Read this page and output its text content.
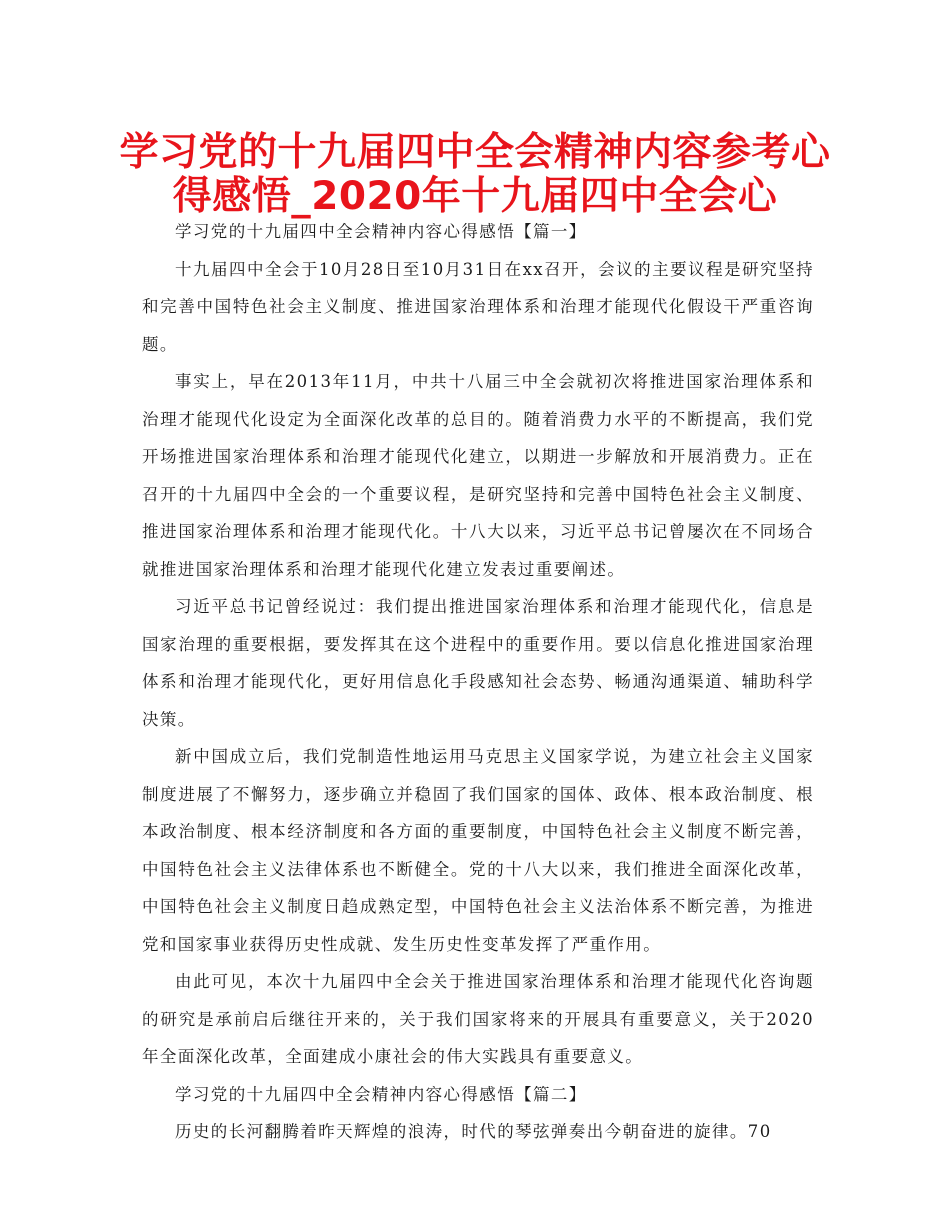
学习党的十九届四中全会精神内容参考心
得感悟_2020年十九届四中全会心

学习党的十九届四中全会精神内容心得感悟【篇一】

十九届四中全会于10月28日至10月31日在xx召开，会议的主要议程是研究坚持和完善中国特色社会主义制度、推进国家治理体系和治理才能现代化假设干严重咨询题。

事实上，早在2013年11月，中共十八届三中全会就初次将推进国家治理体系和治理才能现代化设定为全面深化改革的总目的。随着消费力水平的不断提高，我们党开场推进国家治理体系和治理才能现代化建立，以期进一步解放和开展消费力。正在召开的十九届四中全会的一个重要议程，是研究坚持和完善中国特色社会主义制度、推进国家治理体系和治理才能现代化。十八大以来，习近平总书记曾屡次在不同场合就推进国家治理体系和治理才能现代化建立发表过重要阐述。

习近平总书记曾经说过：我们提出推进国家治理体系和治理才能现代化，信息是国家治理的重要根据，要发挥其在这个进程中的重要作用。要以信息化推进国家治理体系和治理才能现代化，更好用信息化手段感知社会态势、畅通沟通渠道、辅助科学决策。

新中国成立后，我们党制造性地运用马克思主义国家学说，为建立社会主义国家制度进展了不懈努力，逐步确立并稳固了我们国家的国体、政体、根本政治制度、根本政治制度、根本经济制度和各方面的重要制度，中国特色社会主义制度不断完善，中国特色社会主义法律体系也不断健全。党的十八大以来，我们推进全面深化改革，中国特色社会主义制度日趋成熟定型，中国特色社会主义法治体系不断完善，为推进党和国家事业获得历史性成就、发生历史性变革发挥了严重作用。

由此可见，本次十九届四中全会关于推进国家治理体系和治理才能现代化咨询题的研究是承前启后继往开来的，关于我们国家将来的开展具有重要意义，关于2020年全面深化改革，全面建成小康社会的伟大实践具有重要意义。

学习党的十九届四中全会精神内容心得感悟【篇二】

历史的长河翻腾着昨天辉煌的浪涛，时代的琴弦弹奏出今朝奋进的旋律。70
